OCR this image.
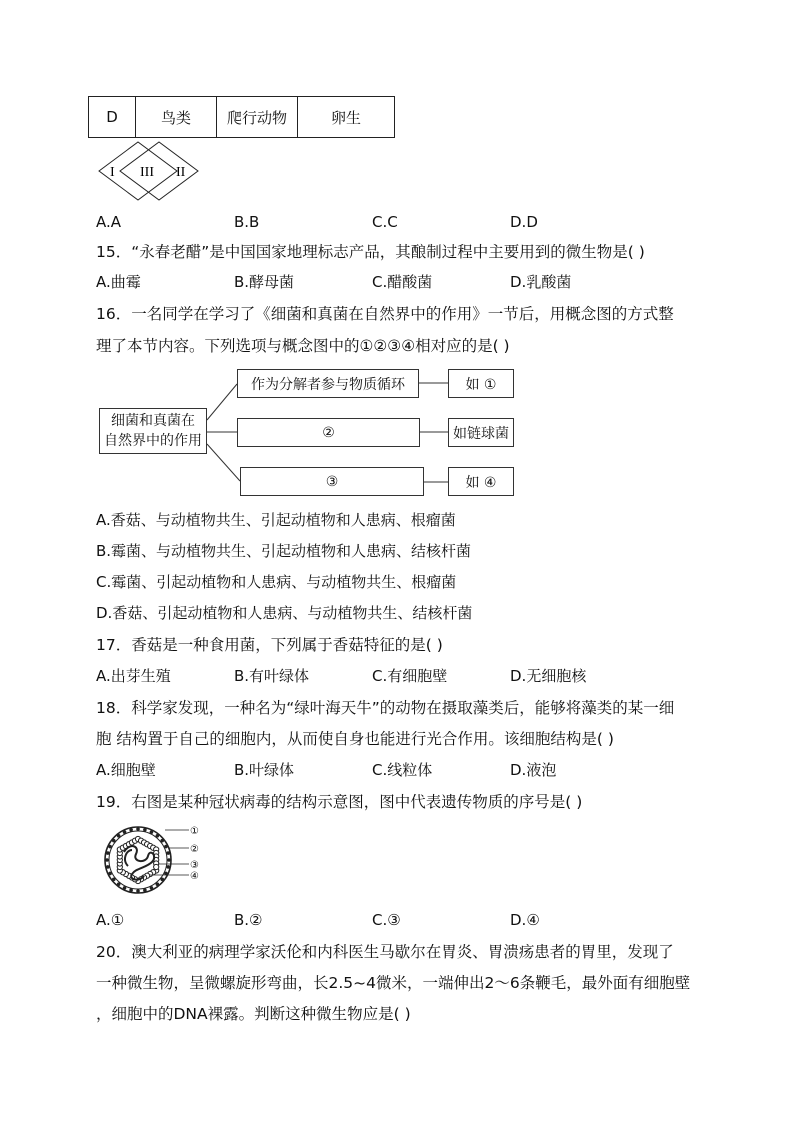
D	鸟类	爬行动物	卵生
I III II
A.A	B.B	C.C	D.D
15．“永春老醋”是中国国家地理标志产品，其酿制过程中主要用到的微生物是( )
A.曲霉	B.酵母菌	C.醋酸菌	D.乳酸菌
16．一名同学在学习了《细菌和真菌在自然界中的作用》一节后，用概念图的方式整
理了本节内容。下列选项与概念图中的①②③④相对应的是( )
细菌和真菌在
自然界中的作用
作为分解者参与物质循环	如 ①
②	如链球菌
③	如 ④
A.香菇、与动植物共生、引起动植物和人患病、根瘤菌
B.霉菌、与动植物共生、引起动植物和人患病、结核杆菌
C.霉菌、引起动植物和人患病、与动植物共生、根瘤菌
D.香菇、引起动植物和人患病、与动植物共生、结核杆菌
17．香菇是一种食用菌，下列属于香菇特征的是( )
A.出芽生殖	B.有叶绿体	C.有细胞壁	D.无细胞核
18．科学家发现，一种名为“绿叶海天牛”的动物在摄取藻类后，能够将藻类的某一细
胞 结构置于自己的细胞内，从而使自身也能进行光合作用。该细胞结构是( )
A.细胞壁	B.叶绿体	C.线粒体	D.液泡
19．右图是某种冠状病毒的结构示意图，图中代表遗传物质的序号是( )
①
②
③
④
A.①	B.②	C.③	D.④
20．澳大利亚的病理学家沃伦和内科医生马歇尔在胃炎、胃溃疡患者的胃里，发现了
一种微生物，呈微螺旋形弯曲，长2.5~4微米，一端伸出2～6条鞭毛，最外面有细胞壁
，细胞中的DNA裸露。判断这种微生物应是( )
